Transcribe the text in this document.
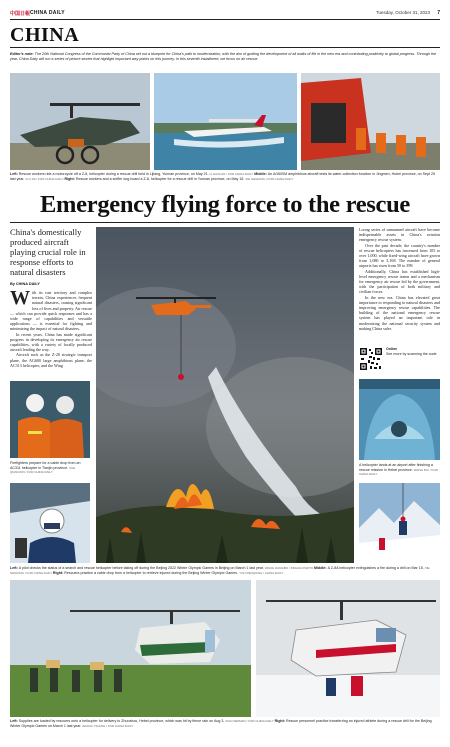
中国日報 CHINA DAILY	Tuesday, October 31, 2023 7
CHINA
Editor's note: The 20th National Congress of the Communist Party of China set out a blueprint for China's path to modernization, with the aim of guiding the development of all walks of life in the new era and contributing positively to global progress. Through the year, China Daily will run a series of picture stories that highlight important way points on this journey. In this seventh installment, we focus on air rescue.
Left: Rescue workers ride a motorcycle off a Z-8, helicopter during a rescue drill held in Lijiang, Yunnan province, on May 21. LI HAOLAN / FOR CHINA DAILY Middle: An AG600M amphibious aircraft tests its water-collection function in Jingmen, Hubei province, on Sept 25 last year. CUI JIA / FOR CHINA DAILY Right: Rescue workers and a sniffer dog board a Z-8, helicopter for a rescue drill in Yunnan province, on May 16. XIE SHIHONG / FOR CHINA DAILY
Emergency flying force to the rescue
China's domestically produced aircraft playing crucial role in response efforts to natural disasters
By CHINA DAILY
W ith its vast territory and complex terrain, China experiences frequent natural disasters, causing significant loss of lives and property. Air rescue — which can provide quick responses and has a wide range of capabilities and versatile applications — is essential for fighting and minimizing the impact of natural disasters.
In recent years, China has made significant progress in developing its emergency air rescue capabilities, with a variety of locally produced aircraft leading the way.
Aircraft such as the Z-20 strategic transport plane, the AG600 large amphibious plane, the AC313 helicopter, and the Wing
Firefighters prepare for a cable drop from an AC311 helicopter in Tianjin province. XUE QIANGXIN / FOR CHINA DAILY
Loong series of unmanned aircraft have become indispensable assets in China's aviation emergency rescue system.
Over the past decade, the country's number of rescue helicopters has increased from 105 to over 1,000, while fixed-wing aircraft have grown from 1,080 to 3,168. The number of general airports has risen from 50 to 399.
Additionally, China has established high-level emergency rescue teams and a mechanism for emergency air rescue led by the government, with the participation of both military and civilian forces.
In the new era, China has elevated great importance to responding to natural disasters and improving emergency rescue capabilities. The building of the national emergency rescue system has played an important role in modernizing the national security system and making China safer.
Online
See more by scanning the code
A helicopter lands at an airport after finishing a rescue mission in Hebei province. WANG RUI / FOR CHINA DAILY
Left: A pilot checks the status of a search and rescue helicopter before taking off during the Beijing 2022 Winter Olympic Games in Beijing on March 1 last year. WANG JIANGBO / XINHUA PHOTO Middle: A Z-8A helicopter extinguishes a fire during a drill on Mar 15. XIE SHIHONG / FOR CHINA DAILY Right: Rescuers practice a cable drop from a helicopter to retrieve injured during the Beijing Winter Olympic Games. YOU RENQIANG / CHINA DAILY
Left: Supplies are loaded by rescuers onto a helicopter for delivery to Zhuozhou, Hebei province, which was hit by fierce rain on Aug 3. XIAO WEIMAN / FOR CHINA DAILY Right: Rescue personnel practice transferring an injured athlete during a rescue drill for the Beijing Winter Olympic Games on March 1 last year. ZHANG YIGANG / FOR CHINA DAILY
